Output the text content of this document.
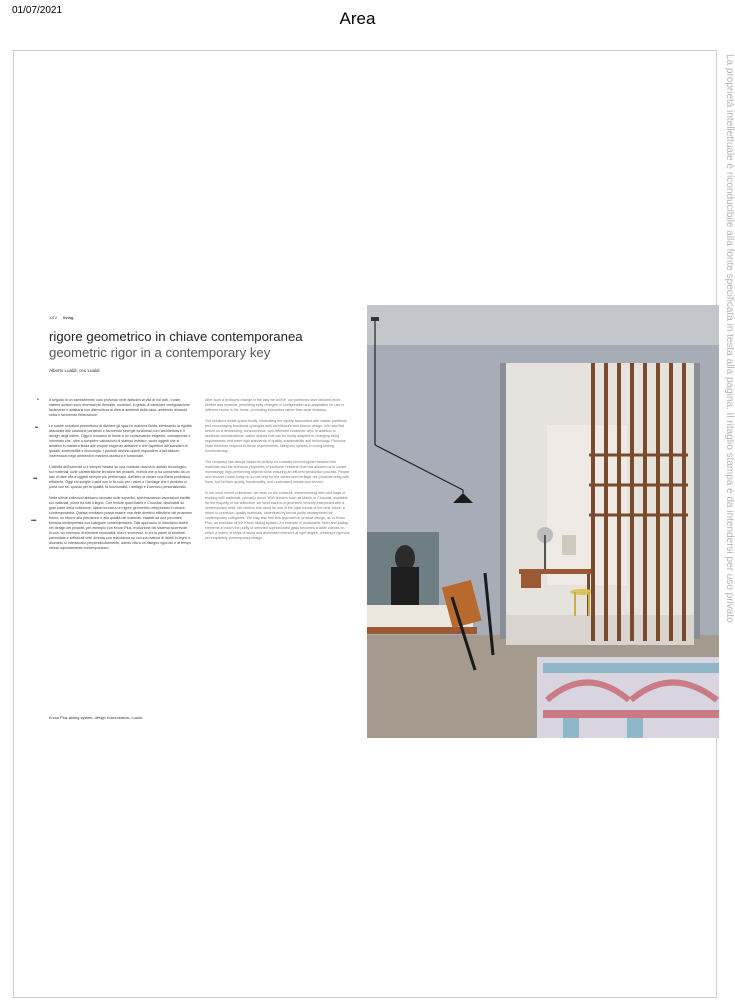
01/07/2021	Area
La proprietà intellettuale è riconducibile alla fonte specificata in testa alla pagina. Il ritaglio stampa è da intendersi per uso privato
XXV living
rigore geometrico in chiave contemporanea
geometric rigor in a contemporary key
Alberto Lualdi, ceo Lualdi
•
••
•••
••••

A seguito di un cambiamento così profondo nelle abitudini di vita di noi tutti, i nostri sistemi divisori sono diventati più flessibili, modulari, in grado di cambiare configurazione facilmente e adattarsi con disinvoltura ai diversi ambienti della casa, ambendo dinamici netta e favorendo l'interazione.

Le nostre soluzioni permettono di dividere gli spazi in maniera fluida, eliminando la rigidità associata alle classiche partizioni e favorendo sinergie funzionali con l'architettura e il design degli interni. Oggi ci troviamo di fronte a un consumatore esigente, consapevole e informato che, oltre a compiere valutazioni di stampo estetico, vuole oggetti che si adattino in maniera fluida alle proprie esigenze abitative e che rispettino alti standard di qualità, sostenibilità e tecnologia. I prodotti devono quindi rispondere a tali istanze, inserendosi negli ambienti in maniera duratura e funzionale.

L'attività dell'azienda si è sempre basata su una costante ricerca in ambito tecnologico, sui materiali, sulle caratteristiche tecniche dei prodotti, ricerca che ci ha consentito da un lato di dare vita a oggetti sempre più performanti, dall'altro di creare una filiera produttiva efficiente. Oggi chi sceglie Lualdi non lo fa solo per i valori e l'heritage che il prodotto si porta con sé, quanto per la qualità, la funzionalità, i dettagli e il servizio personalizzato.

Nelle ultime collezioni abbiamo lavorato sulle superfici, sperimentando lavorazioni inedite sui materiali, primo fra tutti il legno. Con finiture quali Matrix e Chocolat, declinabili su gran parte della collezione, siamo tornati a un rigore geometrico interpretato in chiave contemporanea. Questa crediamo possa essere una delle direttrici stilistiche del prossimo futuro, un ritorno alla precisione e alla qualità dei materiali, esaltati da una peculiare formula reinterpretata con categorie contemporanee. Tale approccio lo ritroviamo anche nel design dei prodotti, per esempio con Kroon Plus, evoluzione del sistema scorrevole Kroon. Un esempio di elementi modulabili, fissi e scorrevoli, in cui la pareti di strutture pannellate e sofisticati vetri diventa una tela bianca su cui una matrice di listelli in legno e alluminio si intersecano perpendicolarmente, dando vita a un disegno rigoroso e al tempo stesso squisitamente contemporaneo.

After such a profound change in the way we all live, our partitions have become more flexible and modular, permitting easy changes of configuration and adaptation for use in different rooms in the home, promoting interaction rather than clear divisions.

Our solutions divide space fluidly, eliminating the rigidity associated with classic partitions and encouraging functional synergies with architecture and interior design. We now find before us a demanding, conscientious, well-informed consumer who, in addition to aesthetic considerations, wants objects that can be fluidly adapted to changing living requirements and meet high standards of quality, sustainability and technology. Products must therefore respond to these requirements, fitting into spaces in a long-lasting, functional way.

The company has always based its activity on constant technological research into materials and the technical properties of products: research that has allowed us to create increasingly high-performing objects while ensuring an efficient production process. People who choose Lualdi today do so not only for the values and heritage our products bring with them, but for their quality, functionality, and customised details and service.

In our most recent collections, we work on the surfaces, experimenting with new ways of working with materials, primarily wood. With finishes such as Matrix or Chocolat, available for the majority of the collection, we went back to a geometric severity interpreted with a contemporary twist. We believe this could be one of the style trends of the near future: a return to precision, quality materials, underlined by formal purity reinterpreted for contemporary categories. We may also find this approach in product design, as in Kroon Plus, an evolution of the Kroon sliding system. An example of modulable, fixed and sliding elements in which the purity of selected sophisticated glass becomes a white canvas on which a matrix of strips of wood and aluminium intersect at right angles, creating a rigorous yet exquisitely contemporary design.

Kroon Plus sliding system, design Kokorobahou, Lualdi.
